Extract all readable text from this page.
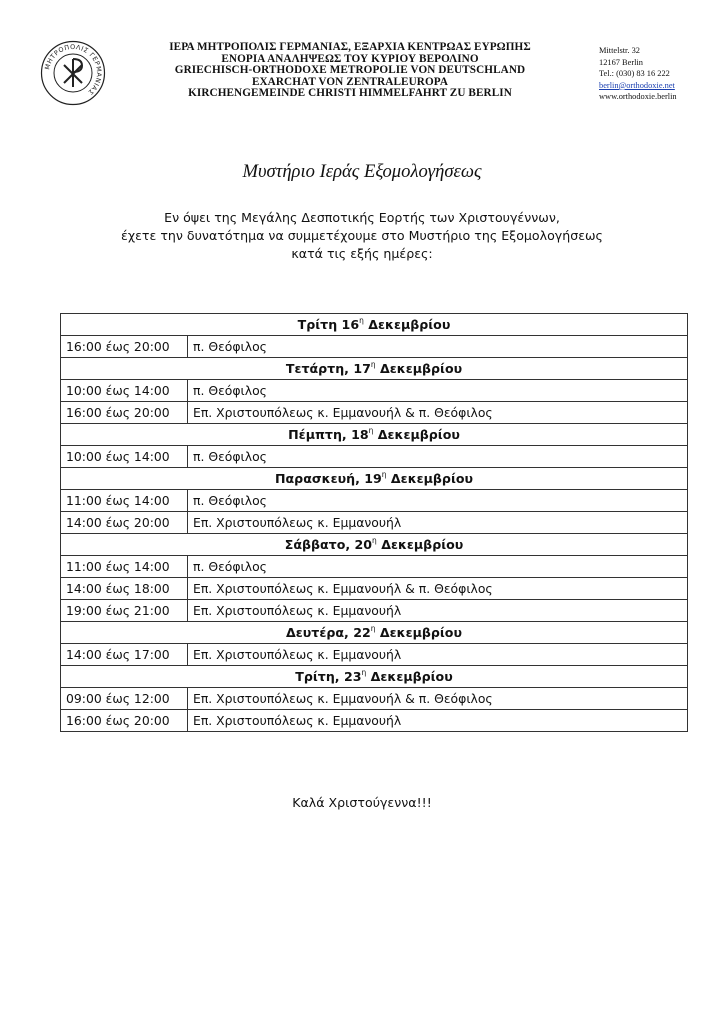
ΜΗΤΡΟΠΟΛΙΣ ΓΕΡΜΑΝΙΑΣ
ΙΕΡΑ ΜΗΤΡΟΠΟΛΙΣ ΓΕΡΜΑΝΙΑΣ, ΕΞΑΡΧΙΑ ΚΕΝΤΡΩΑΣ ΕΥΡΩΠΗΣ
ΕΝΟΡΙΑ ΑΝΑΛΗΨΕΩΣ ΤΟΥ ΚΥΡΙΟΥ ΒΕΡΟΛΙΝΟ
GRIECHISCH-ORTHODOXE METROPOLIE VON DEUTSCHLAND
EXARCHAT VON ZENTRALEUROPA
KIRCHENGEMEINDE CHRISTI HIMMELFAHRT ZU BERLIN
Mittelstr. 32
12167 Berlin
Tel.: (030) 83 16 222
berlin@orthodoxie.net
www.orthodoxie.berlin
Μυστήριο Ιεράς Εξομολογήσεως
Εν όψει της Μεγάλης Δεσποτικής Εορτής των Χριστουγέννων,
έχετε την δυνατότημα να συμμετέχουμε στο Μυστήριο της Εξομολογήσεως
κατά τις εξής ημέρες:
Τρίτη $16^\eta$ Δεκεμβρίου	
16:00 έως 20:00	π. Θεόφιλος
Τετάρτη, $17^\eta$ Δεκεμβρίου	
10:00 έως 14:00	π. Θεόφιλος
16:00 έως 20:00	Επ. Χριστουπόλεως κ. Εμμανουήλ & π. Θεόφιλος
Πέμπτη, $18^\eta$ Δεκεμβρίου	
10:00 έως 14:00	π. Θεόφιλος
Παρασκευή, $19^\eta$ Δεκεμβρίου	
11:00 έως 14:00	π. Θεόφιλος
14:00 έως 20:00	Επ. Χριστουπόλεως κ. Εμμανουήλ
Σάββατο, $20^\eta$ Δεκεμβρίου	
11:00 έως 14:00	π. Θεόφιλος
14:00 έως 18:00	Επ. Χριστουπόλεως κ. Εμμανουήλ & π. Θεόφιλος
19:00 έως 21:00	Επ. Χριστουπόλεως κ. Εμμανουήλ
Δευτέρα, $22^\eta$ Δεκεμβρίου	
14:00 έως 17:00	Επ. Χριστουπόλεως κ. Εμμανουήλ
Τρίτη, $23^\eta$ Δεκεμβρίου	
09:00 έως 12:00	Επ. Χριστουπόλεως κ. Εμμανουήλ & π. Θεόφιλος
16:00 έως 20:00	Επ. Χριστουπόλεως κ. Εμμανουήλ
Καλά Χριστούγεννα!!!
